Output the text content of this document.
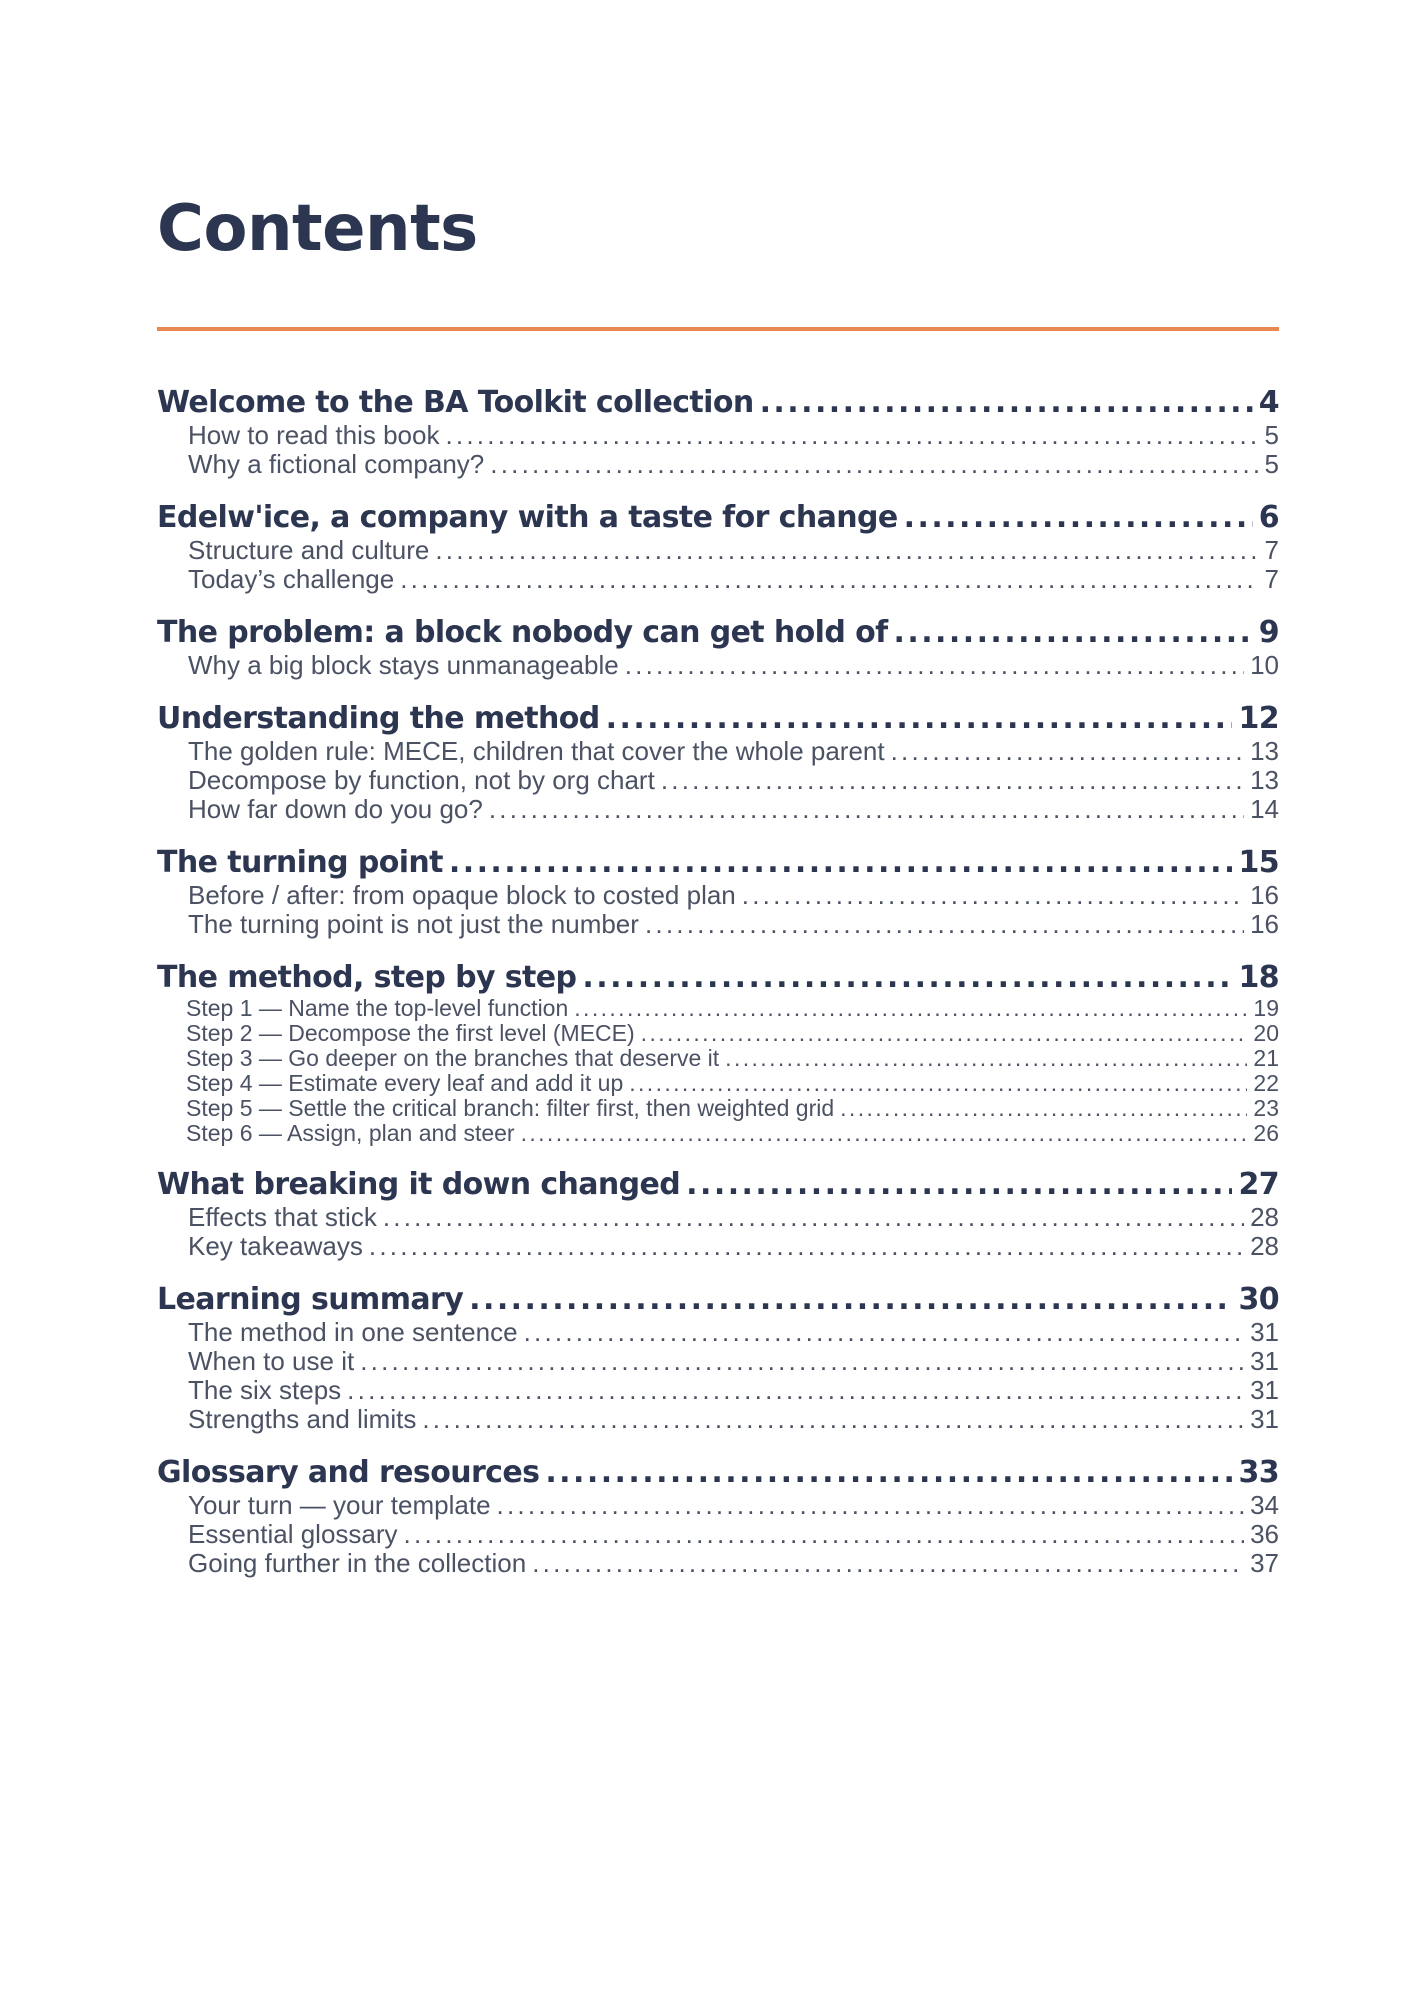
Contents
Welcome to the BA Toolkit collection . . .	4
How to read this book . . .	5
Why a fictional company? . . .	5
Edelw'ice, a company with a taste for change . . .	6
Structure and culture . . .	7
Today’s challenge . . .	7
The problem: a block nobody can get hold of . . .	9
Why a big block stays unmanageable . . .	10
Understanding the method . . .	12
The golden rule: MECE, children that cover the whole parent . . .	13
Decompose by function, not by org chart . . .	13
How far down do you go? . . .	14
The turning point . . .	15
Before / after: from opaque block to costed plan . . .	16
The turning point is not just the number . . .	16
The method, step by step . . .	18
Step 1 — Name the top-level function . . .	19
Step 2 — Decompose the first level (MECE) . . .	20
Step 3 — Go deeper on the branches that deserve it . . .	21
Step 4 — Estimate every leaf and add it up . . .	22
Step 5 — Settle the critical branch: filter first, then weighted grid . . .	23
Step 6 — Assign, plan and steer . . .	26
What breaking it down changed . . .	27
Effects that stick . . .	28
Key takeaways . . .	28
Learning summary . . .	30
The method in one sentence . . .	31
When to use it . . .	31
The six steps . . .	31
Strengths and limits . . .	31
Glossary and resources . . .	33
Your turn — your template . . .	34
Essential glossary . . .	36
Going further in the collection . . .	37
